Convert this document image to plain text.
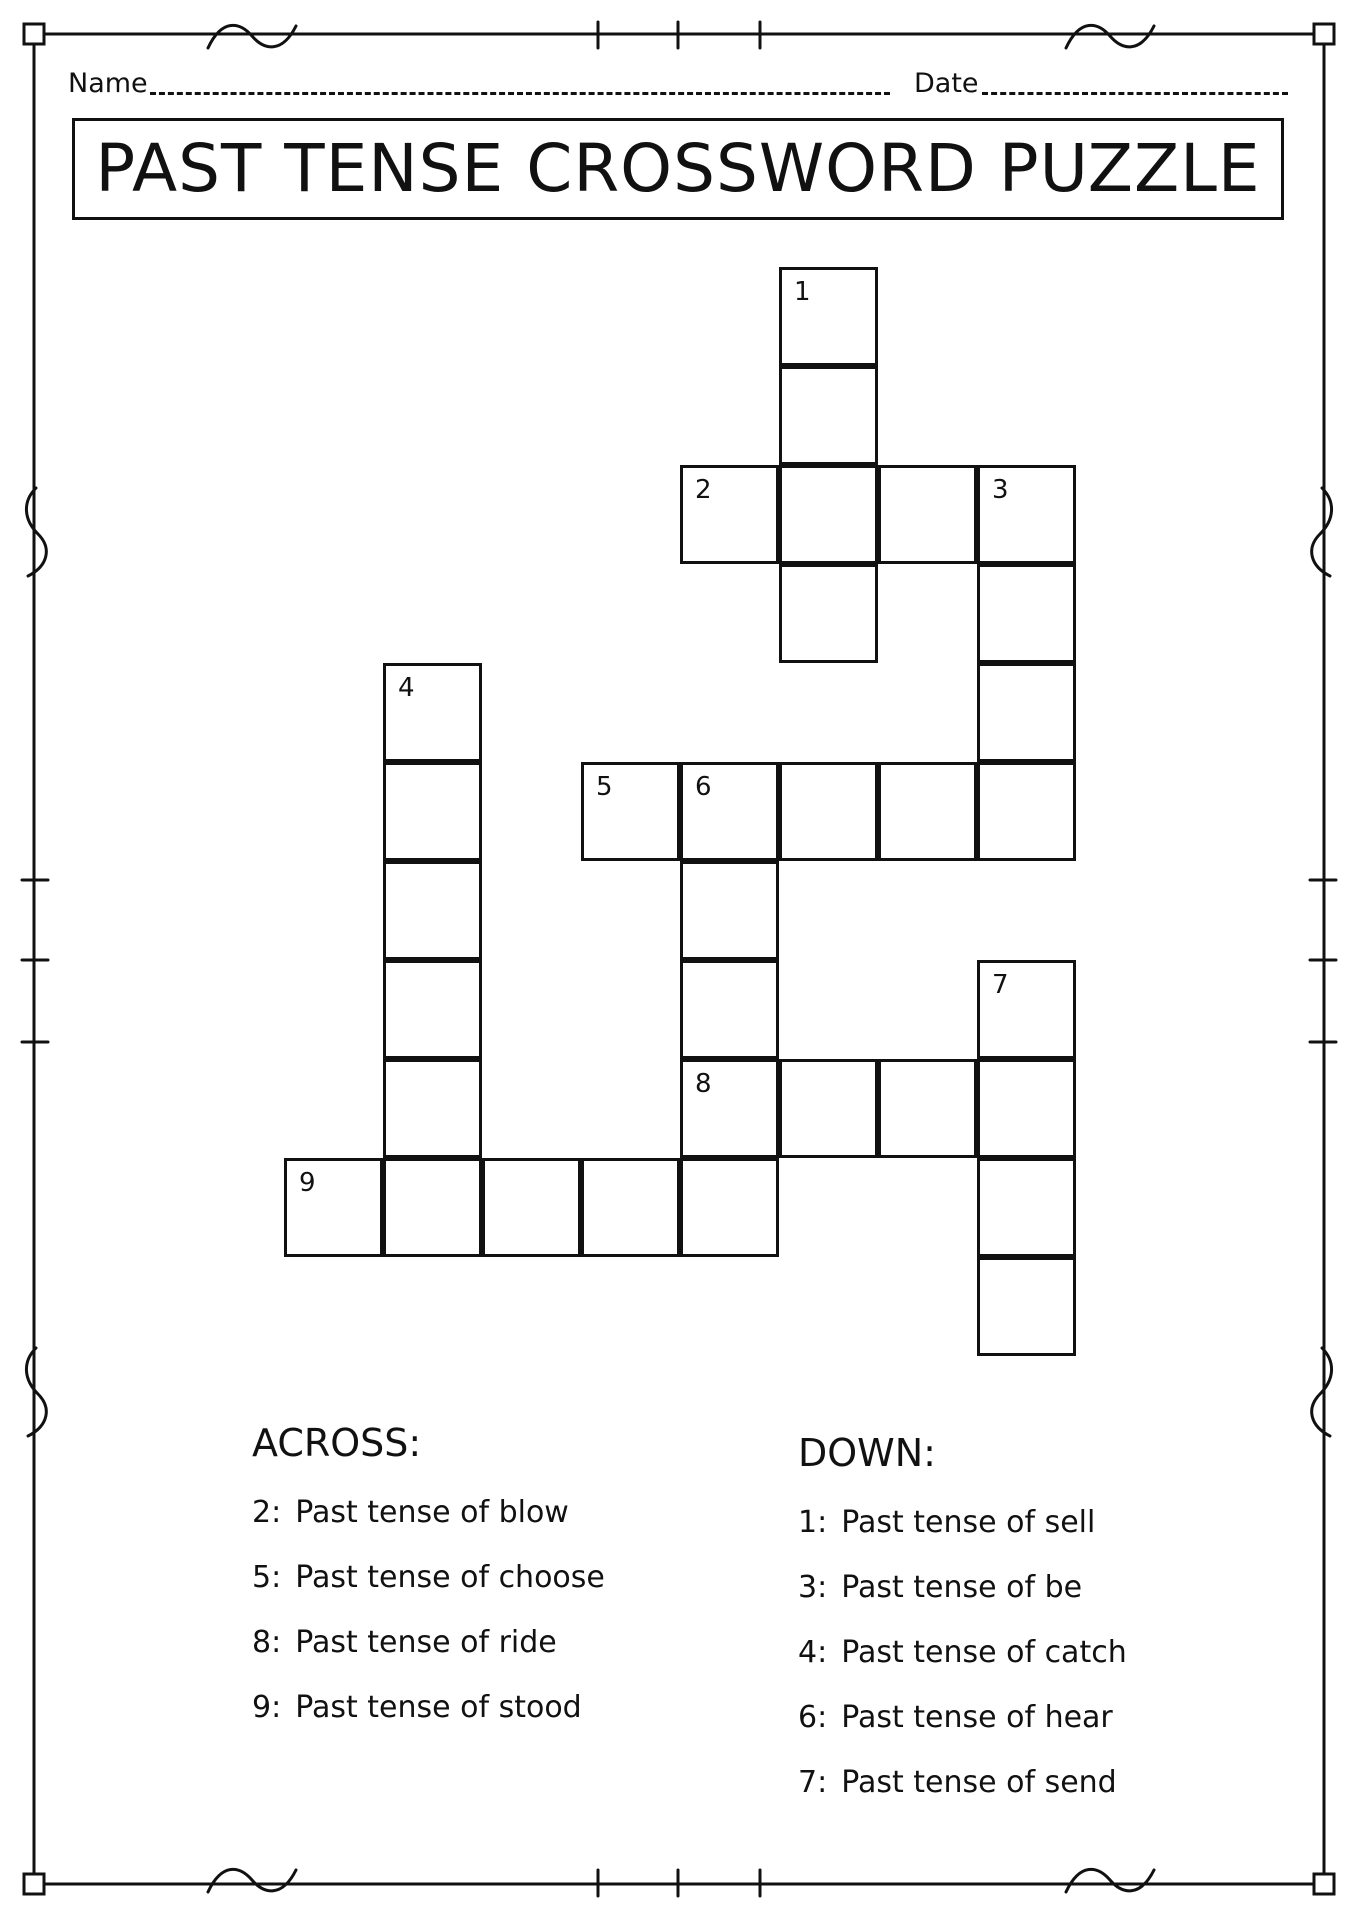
Name	Date
PAST TENSE CROSSWORD PUZZLE
1
2	3
4
5	6
7
8
9
ACROSS:
2: Past tense of blow
5: Past tense of choose
8: Past tense of ride
9: Past tense of stood
DOWN:
1: Past tense of sell
3: Past tense of be
4: Past tense of catch
6: Past tense of hear
7: Past tense of send
